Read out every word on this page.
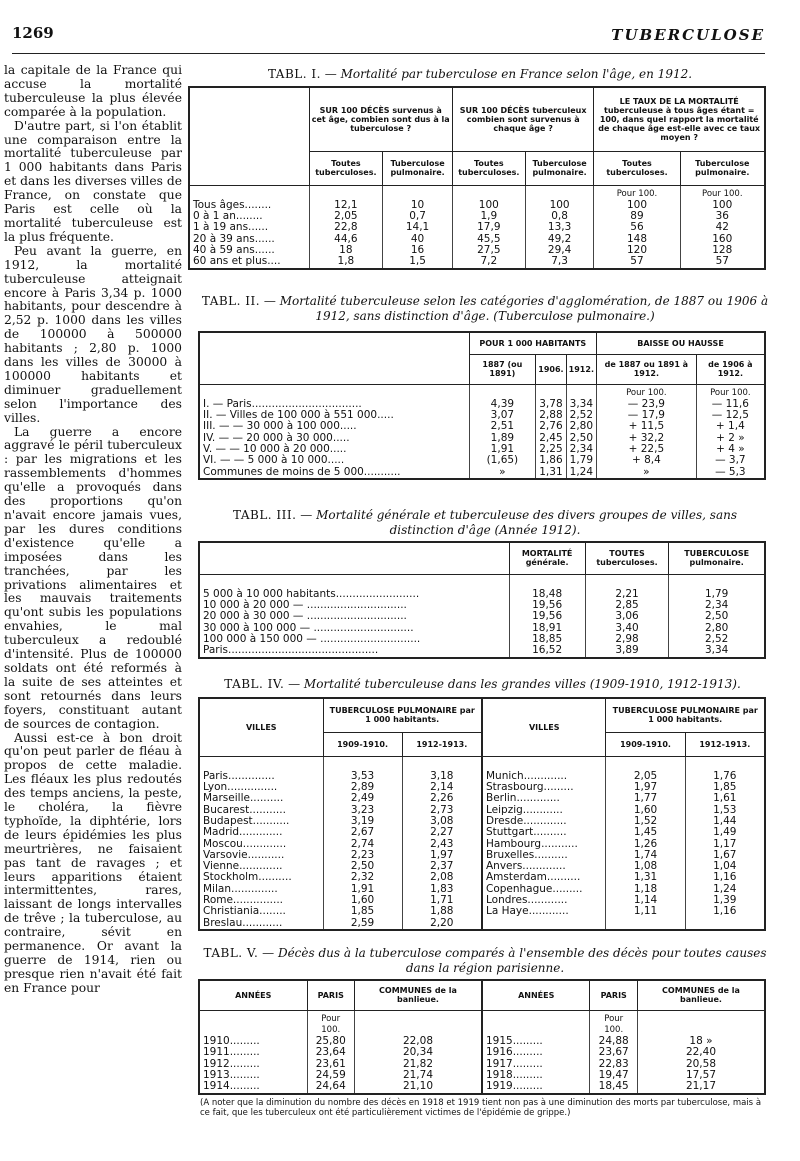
1269	TUBERCULOSE

la capitale de la France qui accuse la mortalité tuberculeuse la plus élevée comparée à la population.

D'autre part, si l'on établit une comparaison entre la mortalité tuberculeuse par 1 000 habitants dans Paris et dans les diverses villes de France, on constate que Paris est celle où la mortalité tuberculeuse est la plus fréquente.

Peu avant la guerre, en 1912, la mortalité tuberculeuse atteignait encore à Paris 3,34 p. 1000 habitants, pour descendre à 2,52 p. 1000 dans les villes de 100000 à 500000 habitants ; 2,80 p. 1000 dans les villes de 30000 à 100000 habitants et diminuer graduellement selon l'importance des villes.

La guerre a encore aggravé le péril tuberculeux : par les migrations et les rassemblements d'hommes qu'elle a provoqués dans des proportions qu'on n'avait encore jamais vues, par les dures conditions d'existence qu'elle a imposées dans les tranchées, par les privations alimentaires et les mauvais traitements qu'ont subis les populations envahies, le mal tuberculeux a redoublé d'intensité. Plus de 100000 soldats ont été reformés à la suite de ses atteintes et sont retournés dans leurs foyers, constituant autant de sources de contagion.

Aussi est-ce à bon droit qu'on peut parler de fléau à propos de cette maladie. Les fléaux les plus redoutés des temps anciens, la peste, le choléra, la fièvre typhoïde, la diphtérie, lors de leurs épidémies les plus meurtrières, ne faisaient pas tant de ravages ; et leurs apparitions étaient intermittentes, rares, laissant de longs intervalles de trêve ; la tuberculose, au contraire, sévit en permanence. Or avant la guerre de 1914, rien ou presque rien n'avait été fait en France pour

TABL. I. — Mortalité par tuberculose en France selon l'âge, en 1912.
	SUR 100 DÉCÈS survenus à cet âge, combien sont dus à la tuberculose ?		SUR 100 DÉCÈS tuberculeux combien sont survenus à chaque âge ?		LE TAUX DE LA MORTALITÉ tuberculeuse à tous âges étant = 100, dans quel rapport la mortalité de chaque âge est-elle avec ce taux moyen ?	
	Toutes tuberculoses.	Tuberculose pulmonaire.	Toutes tuberculoses.	Tuberculose pulmonaire.	Toutes tuberculoses.	Tuberculose pulmonaire.
					Pour 100.	Pour 100.
Tous âges........	12,1	10	100	100	100	100
0 à 1 an........	2,05	0,7	1,9	0,8	89	36
1 à 19 ans......	22,8	14,1	17,9	13,3	56	42
20 à 39 ans......	44,6	40	45,5	49,2	148	160
40 à 59 ans......	18	16	27,5	29,4	120	128
60 ans et plus....	1,8	1,5	7,2	7,3	57	57
TABL. II. — Mortalité tuberculeuse selon les catégories d'agglomération, de 1887 ou 1906 à 1912, sans distinction d'âge. (Tuberculose pulmonaire.)
	POUR 1 000 HABITANTS			BAISSE OU HAUSSE	
	1887 (ou 1891)	1906.	1912.	de 1887 ou 1891 à 1912.	de 1906 à 1912.
				Pour 100.	Pour 100.
I. — Paris.................................	4,39	3,78	3,34	— 23,9	— 11,6
II. — Villes de 100 000 à 551 000.....	3,07	2,88	2,52	— 17,9	— 12,5
III. — — 30 000 à 100 000.....	2,51	2,76	2,80	+ 11,5	+ 1,4
IV. — — 20 000 à 30 000.....	1,89	2,45	2,50	+ 32,2	+ 2 »
V. — — 10 000 à 20 000.....	1,91	2,25	2,34	+ 22,5	+ 4 »
VI. — — 5 000 à 10 000.....	(1,65)	1,86	1,79	+ 8,4	— 3,7
Communes de moins de 5 000...........	»	1,31	1,24	»	— 5,3
TABL. III. — Mortalité générale et tuberculeuse des divers groupes de villes, sans distinction d'âge (Année 1912).
	MORTALITÉ générale.	TOUTES tuberculoses.	TUBERCULOSE pulmonaire.

5 000 à 10 000 habitants.........................	18,48	2,21	1,79
10 000 à 20 000 — ..............................	19,56	2,85	2,34
20 000 à 30 000 — ..............................	19,56	3,06	2,50
30 000 à 100 000 — ..............................	18,91	3,40	2,80
100 000 à 150 000 — ..............................	18,85	2,98	2,52
Paris.............................................	16,52	3,89	3,34
TABL. IV. — Mortalité tuberculeuse dans les grandes villes (1909-1910, 1912-1913).
VILLES	TUBERCULOSE PULMONAIRE par 1 000 habitants.		VILLES	TUBERCULOSE PULMONAIRE par 1 000 habitants.	
	1909-1910.	1912-1913.		1909-1910.	1912-1913.

Paris..............	3,53	3,18	Munich.............	2,05	1,76
Lyon...............	2,89	2,14	Strasbourg.........	1,97	1,85
Marseille..........	2,49	2,26	Berlin.............	1,77	1,61
Bucarest...........	3,23	2,73	Leipzig............	1,60	1,53
Budapest...........	3,19	3,08	Dresde.............	1,52	1,44
Madrid.............	2,67	2,27	Stuttgart..........	1,45	1,49
Moscou.............	2,74	2,43	Hambourg...........	1,26	1,17
Varsovie...........	2,23	1,97	Bruxelles..........	1,74	1,67
Vienne.............	2,50	2,37	Anvers.............	1,08	1,04
Stockholm..........	2,32	2,08	Amsterdam..........	1,31	1,16
Milan..............	1,91	1,83	Copenhague.........	1,18	1,24
Rome...............	1,60	1,71	Londres............	1,14	1,39
Christiania........	1,85	1,88	La Haye............	1,11	1,16
Breslau............	2,59	2,20			
TABL. V. — Décès dus à la tuberculose comparés à l'ensemble des décès pour toutes causes dans la région parisienne.
ANNÉES	PARIS	COMMUNES de la banlieue.	ANNÉES	PARIS	COMMUNES de la banlieue.
	Pour 100.			Pour 100.	
1910.........	25,80	22,08	1915.........	24,88	18 »
1911.........	23,64	20,34	1916.........	23,67	22,40
1912.........	23,61	21,82	1917.........	22,83	20,58
1913.........	24,59	21,74	1918.........	19,47	17,57
1914.........	24,64	21,10	1919.........	18,45	21,17
(A noter que la diminution du nombre des décès en 1918 et 1919 tient non pas à une diminution des morts par tuberculose, mais à ce fait, que les tuberculeux ont été particulièrement victimes de l'épidémie de grippe.)
